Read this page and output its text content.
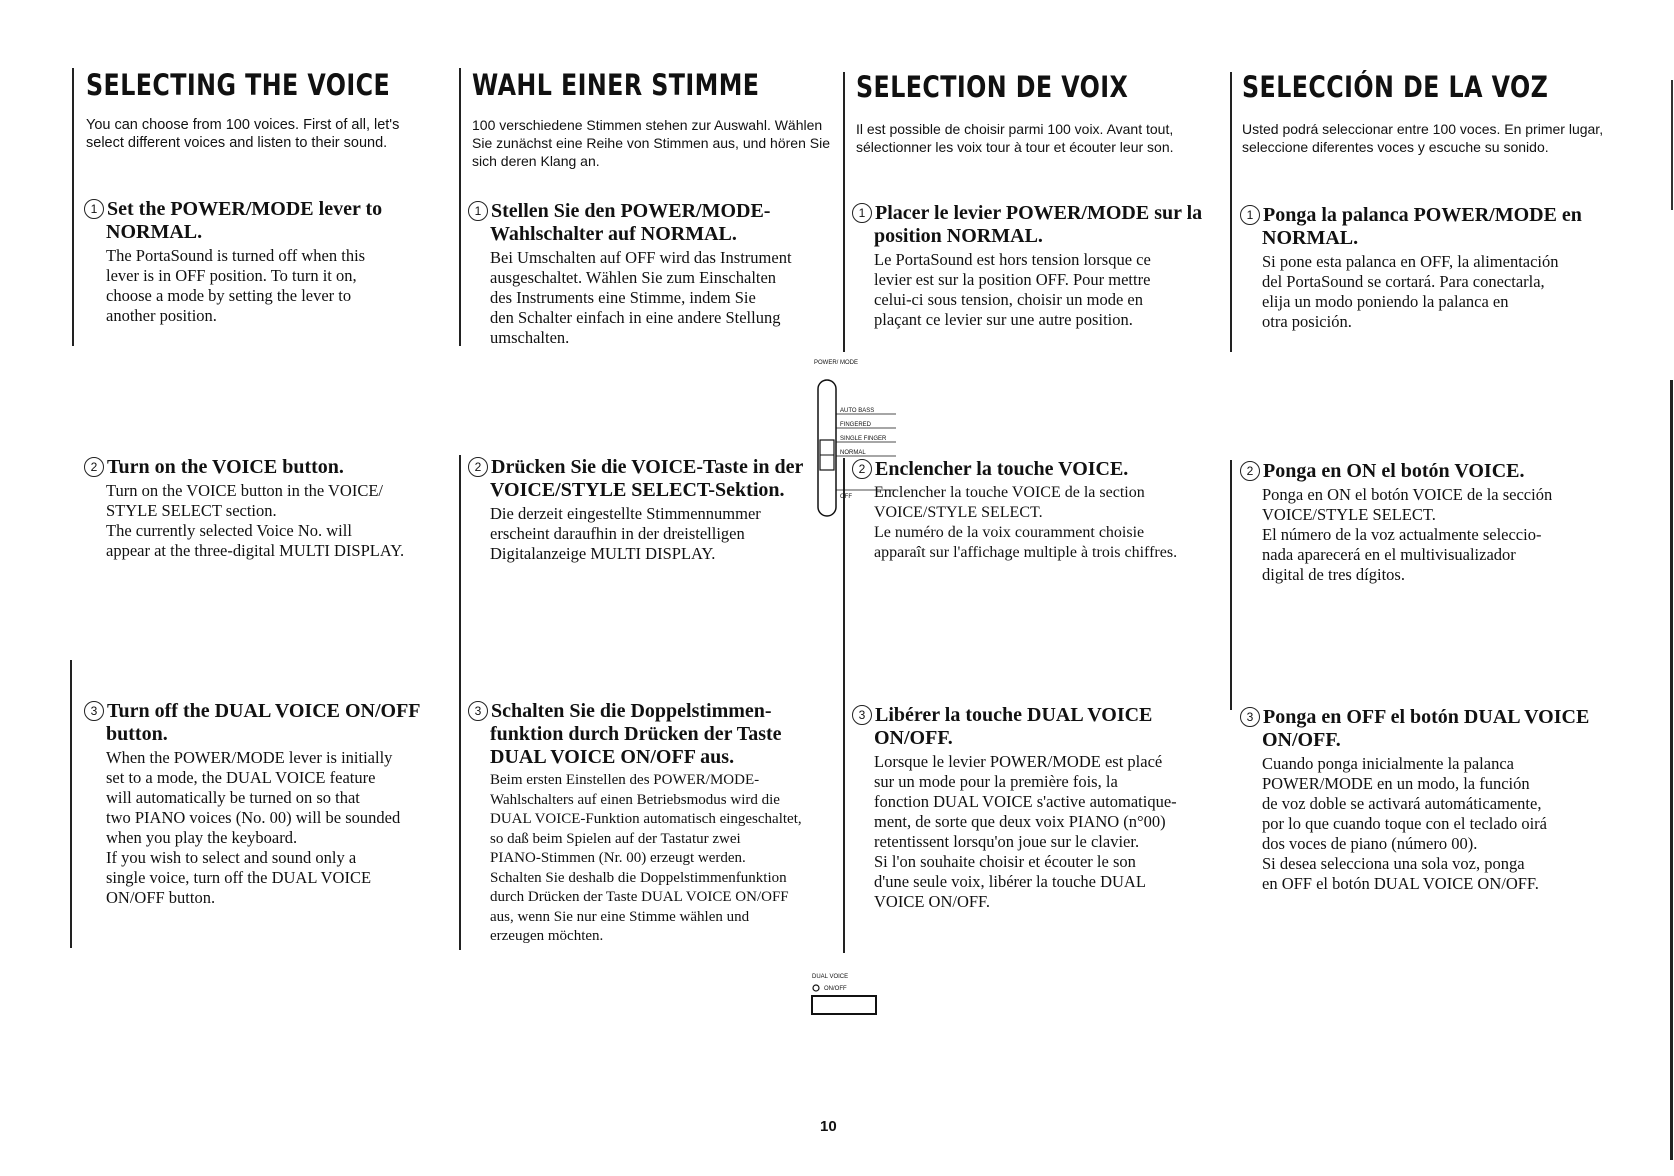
SELECTING THE VOICE

You can choose from 100 voices. First of all, let's select different voices and listen to their sound.

1 Set the POWER/MODE lever to NORMAL.

The PortaSound is turned off when this
lever is in OFF position. To turn it on,
choose a mode by setting the lever to
another position.

2 Turn on the VOICE button.

Turn on the VOICE button in the VOICE/
STYLE SELECT section.
The currently selected Voice No. will
appear at the three-digital MULTI DISPLAY.

3 Turn off the DUAL VOICE ON/OFF button.

When the POWER/MODE lever is initially
set to a mode, the DUAL VOICE feature
will automatically be turned on so that
two PIANO voices (No. 00) will be sounded
when you play the keyboard.
If you wish to select and sound only a
single voice, turn off the DUAL VOICE
ON/OFF button.

WAHL EINER STIMME

100 verschiedene Stimmen stehen zur Auswahl. Wählen Sie zunächst eine Reihe von Stimmen aus, und hören Sie sich deren Klang an.

1 Stellen Sie den POWER/MODE-Wahlschalter auf NORMAL.

Bei Umschalten auf OFF wird das Instrument
ausgeschaltet. Wählen Sie zum Einschalten
des Instruments eine Stimme, indem Sie
den Schalter einfach in eine andere Stellung
umschalten.

2 Drücken Sie die VOICE-Taste in der VOICE/STYLE SELECT-Sektion.

Die derzeit eingestellte Stimmennummer
erscheint daraufhin in der dreistelligen
Digitalanzeige MULTI DISPLAY.

3 Schalten Sie die Doppelstimmen-funktion durch Drücken der Taste DUAL VOICE ON/OFF aus.

Beim ersten Einstellen des POWER/MODE-
Wahlschalters auf einen Betriebsmodus wird die
DUAL VOICE-Funktion automatisch eingeschaltet,
so daß beim Spielen auf der Tastatur zwei
PIANO-Stimmen (Nr. 00) erzeugt werden.
Schalten Sie deshalb die Doppelstimmenfunktion
durch Drücken der Taste DUAL VOICE ON/OFF
aus, wenn Sie nur eine Stimme wählen und
erzeugen möchten.

SELECTION DE VOIX

Il est possible de choisir parmi 100 voix. Avant tout, sélectionner les voix tour à tour et écouter leur son.

1 Placer le levier POWER/MODE sur la position NORMAL.

Le PortaSound est hors tension lorsque ce
levier est sur la position OFF. Pour mettre
celui-ci sous tension, choisir un mode en
plaçant ce levier sur une autre position.

2 Enclencher la touche VOICE.

Enclencher la touche VOICE de la section
VOICE/STYLE SELECT.
Le numéro de la voix couramment choisie
apparaît sur l'affichage multiple à trois chiffres.

3 Libérer la touche DUAL VOICE ON/OFF.

Lorsque le levier POWER/MODE est placé
sur un mode pour la première fois, la
fonction DUAL VOICE s'active automatique-
ment, de sorte que deux voix PIANO (n°00)
retentissent lorsqu'on joue sur le clavier.
Si l'on souhaite choisir et écouter le son
d'une seule voix, libérer la touche DUAL
VOICE ON/OFF.

SELECCIÓN DE LA VOZ

Usted podrá seleccionar entre 100 voces. En primer lugar, seleccione diferentes voces y escuche su sonido.

1 Ponga la palanca POWER/MODE en NORMAL.

Si pone esta palanca en OFF, la alimentación
del PortaSound se cortará. Para conectarla,
elija un modo poniendo la palanca en
otra posición.

2 Ponga en ON el botón VOICE.

Ponga en ON el botón VOICE de la sección
VOICE/STYLE SELECT.
El número de la voz actualmente seleccio-
nada aparecerá en el multivisualizador
digital de tres dígitos.

3 Ponga en OFF el botón DUAL VOICE ON/OFF.

Cuando ponga inicialmente la palanca
POWER/MODE en un modo, la función
de voz doble se activará automáticamente,
por lo que cuando toque con el teclado oirá
dos voces de piano (número 00).
Si desea selecciona una sola voz, ponga
en OFF el botón DUAL VOICE ON/OFF.

POWER/ MODE
AUTO BASS
FINGERED
SINGLE FINGER
NORMAL
OFF
DUAL VOICE
ON/OFF
10
